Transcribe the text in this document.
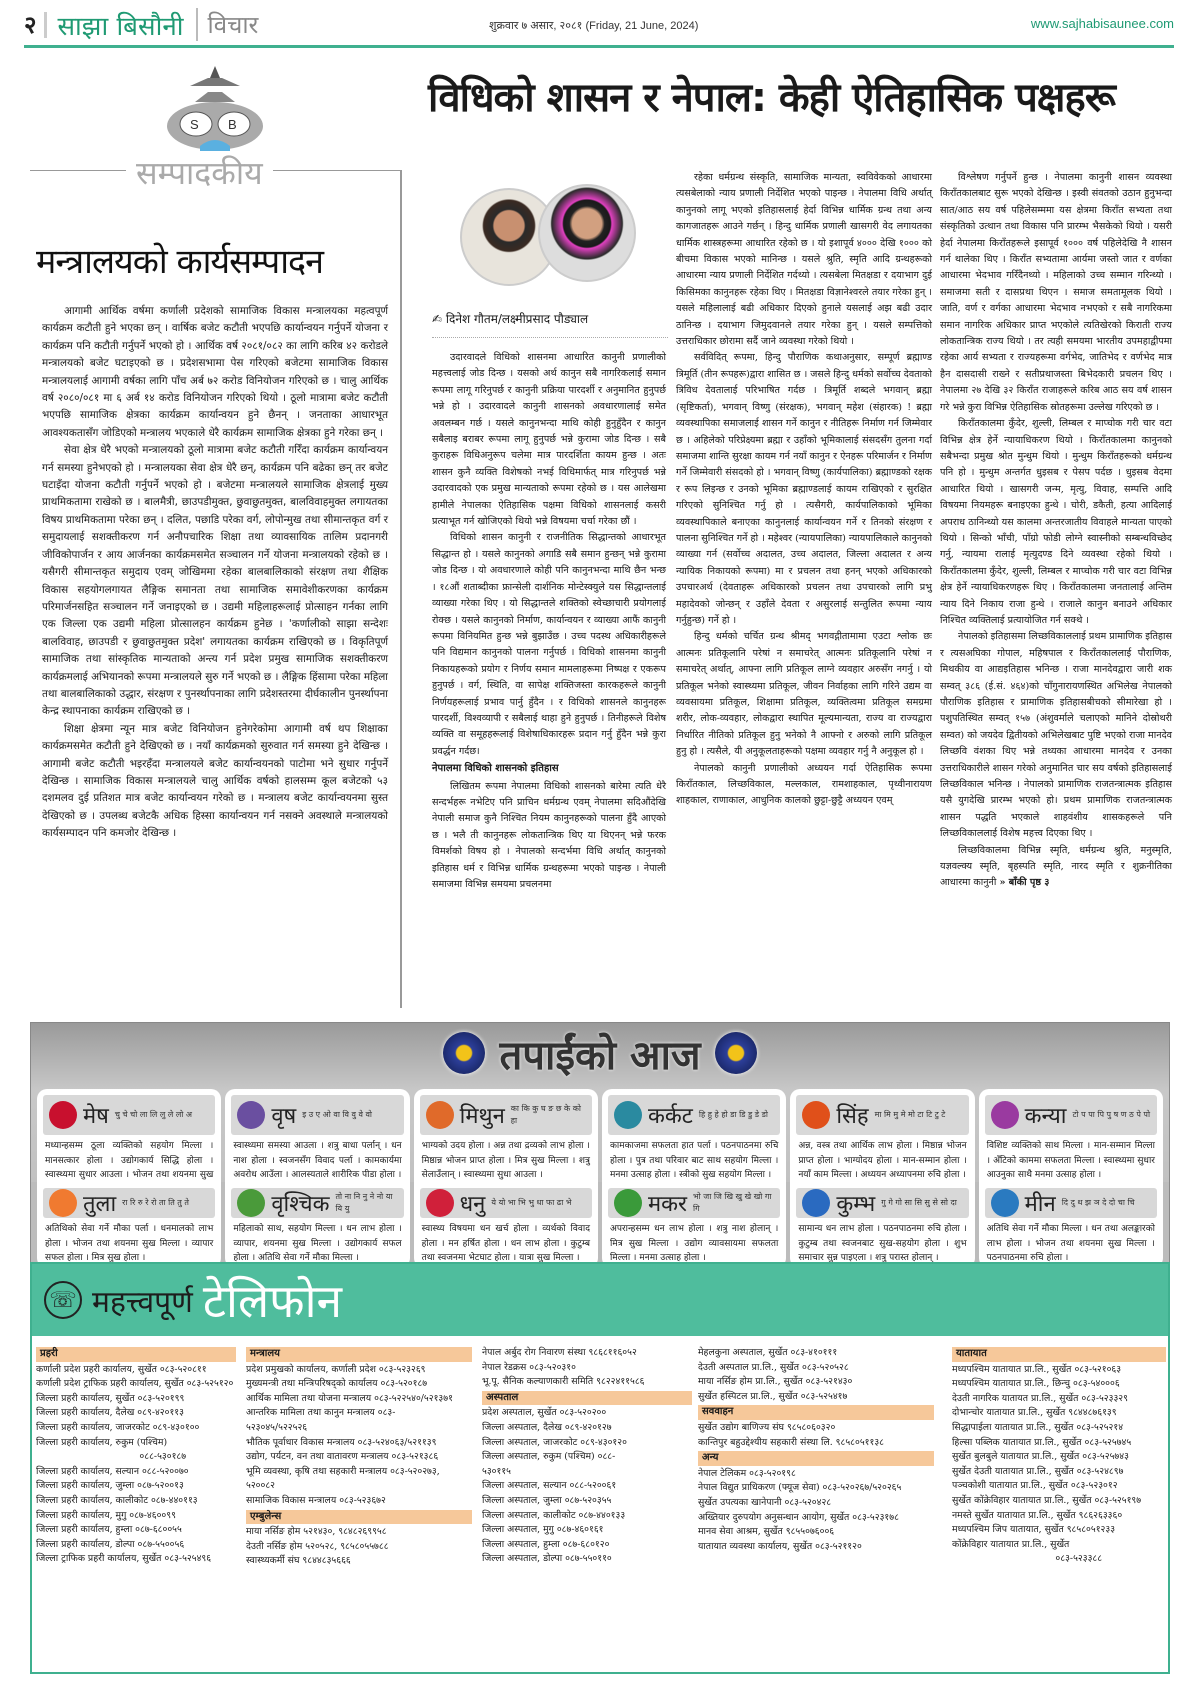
२ साझा बिसौनी	विचार	शुक्रवार ७ असार, २०८१ (Friday, 21 June, 2024)	www.sajhabisaunee.com
S B
सम्पादकीय
मन्त्रालयको कार्यसम्पादन

आगामी आर्थिक वर्षमा कर्णाली प्रदेशको सामाजिक विकास मन्त्रालयका महत्वपूर्ण कार्यक्रम कटौती हुने भएका छन् । वार्षिक बजेट कटौती भएपछि कार्यान्वयन गर्नुपर्ने योजना र कार्यक्रम पनि कटौती गर्नुपर्ने भएको हो । आर्थिक वर्ष २०८१/०८२ का लागि करिब ४२ करोडले मन्त्रालयको बजेट घटाइएको छ । प्रदेशसभामा पेस गरिएको बजेटमा सामाजिक विकास मन्त्रालयलाई आगामी वर्षका लागि पाँच अर्ब ७२ करोड विनियोजन गरिएको छ । चालु आर्थिक वर्ष २०८०/०८१ मा ६ अर्ब १४ करोड विनियोजन गरिएको थियो । ठूलो मात्रामा बजेट कटौती भएपछि सामाजिक क्षेत्रका कार्यक्रम कार्यान्वयन हुने छैनन् । जनताका आधारभूत आवश्यकतासँग जोडिएको मन्त्रालय भएकाले धेरै कार्यक्रम सामाजिक क्षेत्रका हुने गरेका छन् ।

सेवा क्षेत्र धेरै भएको मन्त्रालयको ठूलो मात्रामा बजेट कटौती गरिँदा कार्यक्रम कार्यान्वयन गर्न समस्या हुनेभएको हो । मन्त्रालयका सेवा क्षेत्र धेरै छन्, कार्यक्रम पनि बढेका छन् तर बजेट घटाइँदा योजना कटौती गर्नुपर्ने भएको हो । बजेटमा मन्त्रालयले सामाजिक क्षेत्रलाई मुख्य प्राथमिकतामा राखेको छ । बालमैत्री, छाउपडीमुक्त, छुवाछुतमुक्त, बालविवाहमुक्त लगायतका विषय प्राथमिकतामा परेका छन् । दलित, पछाडि परेका वर्ग, लोपोन्मुख तथा सीमान्तकृत वर्ग र समुदायलाई सशक्तीकरण गर्न अनौपचारिक शिक्षा तथा व्यावसायिक तालिम प्रदानगरी जीविकोपार्जन र आय आर्जनका कार्यक्रमसमेत सञ्चालन गर्ने योजना मन्त्रालयको रहेको छ । यसैगरी सीमान्तकृत समुदाय एवम् जोखिममा रहेका बालबालिकाको संरक्षण तथा शैक्षिक विकास सहयोगलगायत लैङ्गिक समानता तथा सामाजिक समावेशीकरणका कार्यक्रम परिमार्जनसहित सञ्चालन गर्ने जनाइएको छ । उद्यमी महिलाहरूलाई प्रोत्साहन गर्नका लागि एक जिल्ला एक उद्यमी महिला प्रोत्सालहन कार्यक्रम हुनेछ । 'कर्णालीको साझा सन्देशः बालविवाह, छाउपडी र छुवाछुतमुक्त प्रदेश' लगायतका कार्यक्रम राखिएको छ । विकृतिपूर्ण सामाजिक तथा सांस्कृतिक मान्यताको अन्त्य गर्न प्रदेश प्रमुख सामाजिक सशक्तीकरण कार्यक्रमलाई अभियानको रूपमा मन्त्रालयले सुरु गर्ने भएको छ । लैङ्गिक हिंसामा परेका महिला तथा बालबालिकाको उद्धार, संरक्षण र पुनर्स्थापनाका लागि प्रदेशस्तरमा दीर्घकालीन पुनर्स्थापना केन्द्र स्थापनाका कार्यक्रम राखिएको छ ।

शिक्षा क्षेत्रमा न्यून मात्र बजेट विनियोजन हुनेगरेकोमा आगामी वर्ष थप शिक्षाका कार्यक्रमसमेत कटौती हुने देखिएको छ । नयाँ कार्यक्रमको सुरुवात गर्न समस्या हुने देखिन्छ । आगामी बजेट कटौती भइरहँदा मन्त्रालयले बजेट कार्यान्वयनको पाटोमा भने सुधार गर्नुपर्ने देखिन्छ । सामाजिक विकास मन्त्रालयले चालु आर्थिक वर्षको हालसम्म कूल बजेटको ५३ दशमलव दुई प्रतिशत मात्र बजेट कार्यान्वयन गरेको छ । मन्त्रालय बजेट कार्यान्वयनमा सुस्त देखिएको छ । उपलब्ध बजेटकै अधिक हिस्सा कार्यान्वयन गर्न नसक्ने अवस्थाले मन्त्रालयको कार्यसम्पादन पनि कमजोर देखिन्छ ।

विधिको शासन र नेपाल: केही ऐतिहासिक पक्षहरू
✍ दिनेश गौतम/लक्ष्मीप्रसाद पौड्याल

उदारवादले विधिको शासनमा आधारित कानुनी प्रणालीको महत्त्वलाई जोड दिन्छ । यसको अर्थ कानुन सबै नागरिकलाई समान रूपमा लागू गरिनुपर्छ र कानुनी प्रक्रिया पारदर्शी र अनुमानित हुनुपर्छ भन्ने हो । उदारवादले कानुनी शासनको अवधारणालाई समेत अवलम्बन गर्छ । यसले कानुनभन्दा माथि कोही हुनुहुँदैन र कानुन सबैलाइ बराबर रूपमा लागू हुनुपर्छ भन्ने कुरामा जोड दिन्छ । सबै कुराहरू विधिअनुरूप चलेमा मात्र पारदर्शिता कायम हुन्छ । अतः शासन कुनै व्यक्ति विशेषको नभई विधिमार्फत् मात्र गरिनुपर्छ भन्ने उदारवादको एक प्रमुख मान्यताको रूपमा रहेको छ । यस आलेखमा हामीले नेपालका ऐतिहासिक पक्षमा विधिको शासनलाई कसरी प्रत्याभूत गर्न खोजिएको थियो भन्ने विषयमा चर्चा गरेका छौं ।

विधिको शासन कानुनी र राजनीतिक सिद्धान्तको आधारभूत सिद्धान्त हो । यसले कानुनको अगाडि सबै समान हुन्छन् भन्ने कुरामा जोड दिन्छ । यो अवधारणाले कोही पनि कानुनभन्दा माथि छैन भन्छ । १८औं शताब्दीका फ्रान्सेली दार्शनिक मोन्टेस्क्युले यस सिद्धान्तलाई व्याख्या गरेका थिए । यो सिद्धान्तले शक्तिको स्वेच्छाचारी प्रयोगलाई रोक्छ । यसले कानुनको निर्माण, कार्यान्वयन र व्याख्या आफैं कानुनी रूपमा विनियमित हुन्छ भन्ने बुझाउँछ । उच्च पदस्थ अधिकारीहरूले पनि विद्यमान कानुनको पालना गर्नुपर्छ । विधिको शासनमा कानुनी निकायहरूको प्रयोग र निर्णय समान मामलाहरूमा निष्पक्ष र एकरूप हुनुपर्छ । वर्ग, स्थिति, वा सापेक्ष शक्तिजस्ता कारकहरूले कानुनी निर्णयहरूलाई प्रभाव पार्नु हुँदैन । र विधिको शासनले कानुनहरू पारदर्शी, विश्वव्यापी र सबैलाई थाहा हुने हुनुपर्छ । तिनीहरूले विशेष व्यक्ति वा समूहहरूलाई विशेषाधिकारहरू प्रदान गर्नु हुँदैन भन्ने कुरा प्रवर्द्धन गर्दछ।

नेपालमा विधिको शासनको इतिहास

लिखितम रूपमा नेपालमा विधिको शासनको बारेमा त्यति धेरै सन्दर्भहरू नभेटिए पनि प्राचिन धर्मग्रन्थ एवम् नेपालमा सदिऔंदेखि नेपाली समाज कुनै निश्चित नियम कानुनहरूको पालना हुँदै आएको छ । भलै ती कानुनहरू लोकतान्त्रिक थिए या थिएनन् भन्ने फरक विमर्शको विषय हो । नेपालको सन्दर्भमा विधि अर्थात् कानुनको इतिहास धर्म र विभिन्न धार्मिक ग्रन्थहरूमा भएको पाइन्छ । नेपाली समाजमा विभिन्न समयमा प्रचलनमा

रहेका धर्मग्रन्थ संस्कृति, सामाजिक मान्यता, स्वविवेकको आधारमा त्यसबेलाको न्याय प्रणाली निर्देशित भएको पाइन्छ । नेपालमा विधि अर्थात् कानुनको लागू भएको इतिहासलाई हेर्दा विभिन्न धार्मिक ग्रन्थ तथा अन्य कागजातहरू आउने गर्छन् । हिन्दु धार्मिक प्रणाली खासगरी वेद लगायतका धार्मिक शास्त्रहरूमा आधारित रहेको छ । यो इशापूर्व ४००० देखि १००० को बीचमा विकास भएको मानिन्छ । यसले श्रुति, स्मृति आदि ग्रन्थहरूको आधारमा न्याय प्रणाली निर्देशित गर्दथ्यो । त्यसबेला मितक्षडा र दयाभाग दुई किसिमका कानुनहरू रहेका थिए । मितक्षडा विज्ञानेश्वरले तयार गरेका हुन् । यसले महिलालाई बढी अधिकार दिएको हुनाले यसलाई अझ बढी उदार ठानिन्छ । दयाभाग जिमुदवानले तयार गरेका हुन् । यसले सम्पत्तिको उत्तराधिकार छोरामा सर्दै जाने व्यवस्था गरेको थियो ।

सर्वविदित् रूपमा, हिन्दु पौराणिक कथाअनुसार, सम्पूर्ण ब्रह्माण्ड त्रिमूर्ति (तीन रूपहरू)द्वारा शासित छ । जसले हिन्दु धर्मको सर्वोच्च देवताको त्रिविध देवतालाई परिभाषित गर्दछ । त्रिमूर्ति शब्दले भगवान् ब्रह्मा (सृष्टिकर्ता), भगवान् विष्णु (संरक्षक), भगवान् महेश (संहारक) ! ब्रह्मा व्यवस्थापिका समाजलाई शासन गर्ने कानुन र नीतिहरू निर्माण गर्न जिम्मेवार छ । अहिलेको परिप्रेक्ष्यमा ब्रह्मा र उहाँको भूमिकालाई संसदसँग तुलना गर्दा समाजमा शान्ति सुरक्षा कायम गर्न नयाँ कानुन र ऐनहरू परिमार्जन र निर्माण गर्ने जिम्मेवारी संसदको हो । भगवान् विष्णु (कार्यपालिका) ब्रह्माण्डको रक्षक र रूप लिइन्छ र उनको भूमिका ब्रह्माण्डलाई कायम राखिएको र सुरक्षित गरिएको सुनिश्चित गर्नु हो । त्यसैगरी, कार्यपालिकाको भूमिका व्यवस्थापिकाले बनाएका कानुनलाई कार्यान्वयन गर्ने र तिनको संरक्षण र पालना सुनिश्चित गर्ने हो । महेश्वर (न्यायपालिका) न्यायपालिकाले कानुनको व्याख्या गर्न (सर्वोच्च अदालत, उच्च अदालत, जिल्ला अदालत र अन्य न्यायिक निकायको रूपमा) मा र प्रचलन तथा हनन् भएको अधिकारको उपचारअर्थ (देवताहरू अधिकारको प्रचलन तथा उपचारको लागि प्रभु महादेवको जोन्छन् र उहाँले देवता र असुरलाई सन्तुलित रूपमा न्याय गर्नुहुन्छ) गर्ने हो ।

हिन्दु धर्मको चर्चित ग्रन्थ श्रीमद् भगवद्गीतामामा एउटा श्लोक छः आत्मनः प्रतिकूलानि परेषां न समाचरेत् आत्मनः प्रतिकूलानि परेषां न समाचरेत् अर्थात्, आफ्ना लागि प्रतिकूल लाग्ने व्यवहार अरुसँग नगर्नु । यो प्रतिकूल भनेको स्वास्थ्यमा प्रतिकूल, जीवन निर्वाहका लागि गरिने उद्यम वा व्यवसायमा प्रतिकूल, शिक्षामा प्रतिकूल, व्यक्तित्वमा प्रतिकूल समग्रमा शरीर, लोक-व्यवहार, लोकद्वारा स्थापित मूल्यमान्यता, राज्य वा राज्यद्वारा निर्धारित नीतिको प्रतिकूल हुनु भनेको नै आफ्नो र अरुको लागि प्रतिकूल हुनु हो । त्यसैले, यी अनुकूलताहरूको पक्षमा व्यवहार गर्नु नै अनुकूल हो ।

नेपालको कानुनी प्रणालीको अध्ययन गर्दा ऐतिहासिक रूपमा किराँतकाल, लिच्छविकाल, मल्लकाल, रामशाहकाल, पृथ्वीनारायण शाहकाल, राणाकाल, आधुनिक कालको छुट्टा-छुट्टै अध्ययन एवम्

विश्लेषण गर्नुपर्ने हुन्छ । नेपालमा कानुनी शासन व्यवस्था किराँतकालबाट सुरू भएको देखिन्छ । इस्वी संवतको उठान हुनुभन्दा सात/आठ सय वर्ष पहिलेसम्ममा यस क्षेत्रमा किराँत सभ्यता तथा संस्कृतिको उत्थान तथा विकास पनि प्रारम्भ भैसकेको थियो । यसरी हेर्दा नेपालमा किराँतहरूले इसापूर्व १००० वर्ष पहिलेदेखि नै शासन गर्न थालेका थिए । किराँत सभ्यतामा आर्यमा जस्तो जात र वर्णका आधारमा भेदभाव गरिँदैनथ्यो । महिलाको उच्च सम्मान गरिन्थ्यो । समाजमा सती र दासप्रथा थिएन । समाज समतामूलक थियो । जाति, वर्ण र वर्गका आधारमा भेदभाव नभएको र सबै नागरिकमा समान नागरिक अधिकार प्राप्त भएकोले त्यतिखेरको किराती राज्य लोकतान्त्रिक राज्य थियो । तर त्यही समयमा भारतीय उपमहाद्वीपमा रहेका आर्य सभ्यता र राज्यहरूमा वर्गभेद, जातिभेद र वर्णभेद मात्र हैन दासदासी राख्ने र सतीप्रथाजस्ता बिभेदकारी प्रचलन थिए । नेपालमा २७ देखि ३२ किराँत राजाहरूले करिब आठ सय वर्ष शासन गरे भन्ने कुरा विभिन्न ऐतिहासिक स्रोतहरूमा उल्लेख गरिएको छ ।

किराँतकालमा कुँदेर, शुल्ली, लिम्बल र माप्चोक गरी चार वटा विभिन्न क्षेत्र हेर्ने न्यायाधिकरण थियो । किराँतकालमा कानुनको सबैभन्दा प्रमुख श्रोत मुन्धुम थियो । मुन्धुम किराँतहरूको धर्मग्रन्थ पनि हो । मुन्धुम अन्तर्गत धुइसब र पेसप पर्दछ । धुइसब वेदमा आधारित थियो । खासगरी जन्म, मृत्यु, विवाह, सम्पत्ति आदि विषयमा नियमहरू बनाइएका हुन्थे । चोरी, डकैती, हत्या आदिलाई अपराध ठानिन्थ्यो यस कालमा अन्तरजातीय विवाहले मान्यता पाएको थियो । सिन्को भाँची, पाँग्रो फोडी लोग्ने स्वास्नीको सम्बन्धविच्छेद गर्नु, न्यायमा रालाई मृत्युदण्ड दिने व्यवस्था रहेको थियो । किराँतकालमा कुँदेर, शुल्ली, लिम्बल र माप्चोक गरी चार वटा विभिन्न क्षेत्र हेर्ने न्यायाधिकरणहरू थिए । किराँतकालमा जनतालाई अन्तिम न्याय दिने निकाय राजा हुन्थे । राजाले कानुन बनाउने अधिकार निश्चित व्यक्तिलाई प्रत्यायोजित गर्न सक्थे ।

नेपालको इतिहासमा लिच्छविकाललाई प्रथम प्रामाणिक इतिहास र त्यसअघिका गोपाल, महिषपाल र किराँतकाललाई पौराणिक, मिथकीय वा आद्यइतिहास भनिन्छ । राजा मानदेवद्वारा जारी शक सम्वत् ३८६ (ई.सं. ४६४)को चाँगुनारायणस्थित अभिलेख नेपालको पौराणिक इतिहास र प्रामाणिक इतिहासबीचको सीमारेखा हो । पशुपतिस्थित सम्वत् १५७ (अंशुवर्माले चलाएको मानिने दोस्रोथरी सम्वत) को जयदेव द्वितीयको अभिलेखबाट पुष्टि भएको राजा मानदेव लिच्छवि वंशका थिए भन्ने तथ्यका आधारमा मानदेव र उनका उत्तराधिकारीले शासन गरेको अनुमानित चार सय वर्षको इतिहासलाई लिच्छविकाल भनिन्छ । नेपालको प्रामाणिक राजतन्त्रात्मक इतिहास यसै युगदेखि प्रारम्भ भएको हो। प्रथम प्रामाणिक राजतन्त्रात्मक शासन पद्धति भएकाले शाहवंशीय शासकहरूले पनि लिच्छविकाललाई विशेष महत्त्व दिएका थिए ।

लिच्छविकालमा विभिन्न स्मृति, धर्मग्रन्थ श्रुति, मनुस्मृति, यज्ञवल्क्य स्मृति, बृहस्पति स्मृति, नारद स्मृति र शुक्रनीतिका आधारमा कानुनी » बाँकी पृष्ठ ३

तपाईंको आज
मेष चु चे चो ला लि लु ले लो अ
मध्यान्हसम्म ठूला व्यक्तिको सहयोग मिल्ला । मानसत्कार होला । उद्योगकार्य सिद्धि होला । स्वास्थ्यमा सुधार आउला । भोजन तथा शयनमा सुख
वृष इ उ ए ओ वा वि वु वे वो
स्वास्थ्यमा समस्या आउला । शत्रु बाधा पर्लान् । धन नाश होला । स्वजनसँग विवाद पर्ला । कामकार्यमा अवरोध आउँला । आलस्यताले शारीरिक पीडा होला ।
मिथुन का कि कु घ ङ छ के को हा
भाग्यको उदय होला । अन्न तथा द्रव्यको लाभ होला । मिष्ठान्न भोजन प्राप्त होला । मित्र सुख मिल्ला । शत्रु सेलाउँलान् । स्वास्थ्यमा सुधा आउला ।
कर्कट हि हु हे हो डा डि डु डे डो
कामकाजमा सफलता हात पर्ला । पठनपाठनमा रुचि होला । पुत्र तथा परिवार बाट साथ सहयोग मिल्ला । मनमा उत्साह होला । स्त्रीको सुख सहयोग मिल्ला ।
सिंह मा मि मु मे मो टा टि टु टे
अन्न, वस्त्र तथा आर्थिक लाभ होला । मिष्ठान्न भोजन प्राप्त होला । भाग्योदय होला । मान-सम्मान होला । नयाँ काम मिल्ला । अध्ययन अध्यापनमा रुचि होला ।
कन्या टो प पा पि पु ष ण ठ पे पो
विशिष्ट व्यक्तिको साथ मिल्ला । मान-सम्मान मिल्ला । अँटिको काममा सफलता मिल्ला । स्वास्थ्यमा सुधार आउनुका साथै मनमा उत्साह होला ।
तुला रा रि रु रे रो ता ति तु ते
अतिथिको सेवा गर्ने मौका पर्ला । धनमालको लाभ होला । भोजन तथा शयनमा सुख मिल्ला । व्यापार सफल होला । मित्र सुख होला ।
वृश्चिक तो ना नि नु ने नो या यि यु
महिलाको साथ, सहयोग मिल्ला । धन लाभ होला । व्यापार, शयनमा सुख मिल्ला । उद्योगकार्य सफल होला । अतिथि सेवा गर्ने मौका मिल्ला ।
धनु ये यो भा भि भु धा फा ढा भे
स्वास्थ्य विषयमा धन खर्च होला । व्यर्थको विवाद होला । मन हर्षित होला । धन लाभ होला । कुटुम्ब तथा स्वजनमा भेटघाट होला । यात्रा सुख मिल्ला ।
मकर भो जा जि खि खु खे खो गा गि
अपरान्हसम्म धन लाभ होला । शत्रु नाश होलान् । मित्र सुख मिल्ला । उद्योग व्यावसायमा सफलता मिल्ला । मनमा उत्साह होला ।
कुम्भ गु गे गो सा सि सु से सो दा
सामान्य धन लाभ होला । पठनपाठनमा रुचि होला । कुटुम्ब तथा स्वजनबाट सुख-सहयोग होला । शुभ समाचार सुन्न पाइएला । शत्रु परास्त होलान् ।
मीन दि दु थ झ ञ दे दो चा चि
अतिथि सेवा गर्ने मौका मिल्ला । धन तथा अलङ्कारको लाभ होला । भोजन तथा शयनमा सुख मिल्ला । पठनपाठनमा रुचि होला ।
☏ महत्त्वपूर्ण टेलिफोन
प्रहरी
कर्णाली प्रदेश प्रहरी कार्यालय, सुर्खेत ०८३-५२०८११
कर्णाली प्रदेश ट्राफिक प्रहरी कार्यालय, सुर्खेत ०८३-५२५१२०
जिल्ला प्रहरी कार्यालय, सुर्खेत ०८३-५२०१९९
जिल्ला प्रहरी कार्यालय, दैलेख ०८९-४२०११३
जिल्ला प्रहरी कार्यालय, जाजरकोट ०८९-४३०१००
जिल्ला प्रहरी कार्यालय, रुकुम (पश्चिम)
०८८-५३०१८७
जिल्ला प्रहरी कार्यालय, सल्यान ०८८-५२००७०
जिल्ला प्रहरी कार्यालय, जुम्ला ०८७-५२००१३
जिल्ला प्रहरी कार्यालय, कालीकोट ०८७-४४०११३
जिल्ला प्रहरी कार्यालय, मुगु ०८७-४६००९९
जिल्ला प्रहरी कार्यालय, हुम्ला ०८७-६८००५५
जिल्ला प्रहरी कार्यालय, डोल्पा ०८७-५५००५६
जिल्ला ट्राफिक प्रहरी कार्यालय, सुर्खेत ०८३-५२५४९६
मन्त्रालय
प्रदेश प्रमुखको कार्यालय, कर्णाली प्रदेश ०८३-५२३२६९
मुख्यमन्त्री तथा मन्त्रिपरिषद्को कार्यालय ०८३-५२०१८७
आर्थिक मामिला तथा योजना मन्त्रालय ०८३-५२२५४०/५२१३७१
आन्तरिक मामिला तथा कानुन मन्त्रालय ०८३-
५२३०४५/५२२५२६
भौतिक पूर्वाधार विकास मन्त्रालय ०८३-५२४०६३/५२११३९
उद्योग, पर्यटन, वन तथा वातावरण मन्त्रालय ०८३-५२१३८६
भूमि व्यवस्था, कृषि तथा सहकारी मन्त्रालय ०८३-५२०२७३,
५२००८२
सामाजिक विकास मन्त्रालय ०८३-५२३६७२
एम्बुलेन्स
माया नर्सिङ होम ५२१४३०, ९८४८२६९९५८
देउती नर्सिङ होम ५२०५२८, ९८५८०५५७८८
स्वास्थ्यकर्मी संघ ९८४४८३५६६६
नेपाल अर्बुद रोग निवारण संस्था ९८६८११६०५२
नेपाल रेडक्रस ०८३-५२०३१०
भू.पू. सैनिक कल्याणकारी समिति ९८२२४११५८६
अस्पताल
प्रदेश अस्पताल, सुर्खेत ०८३-५२०२००
जिल्ला अस्पताल, दैलेख ०८९-४२०१२७
जिल्ला अस्पताल, जाजरकोट ०८९-४३०१२०
जिल्ला अस्पताल, रुकुम (पश्चिम) ०८८-
५३०११५
जिल्ला अस्पताल, सल्यान ०८८-५२००६१
जिल्ला अस्पताल, जुम्ला ०८७-५२०३५५
जिल्ला अस्पताल, कालीकोट ०८७-४४०१३३
जिल्ला अस्पताल, मुगु ०८७-४६०१६१
जिल्ला अस्पताल, हुम्ला ०८७-६८०१२०
जिल्ला अस्पताल, डोल्पा ०८७-५५०११०
मेहलकुना अस्पताल, सुर्खेत ०८३-४१०१११
देउती अस्पताल प्रा.लि., सुर्खेत ०८३-५२०५२८
माया नर्सिङ होम प्रा.लि., सुर्खेत ०८३-५२१४३०
सुर्खेत हस्पिटल प्रा.लि., सुर्खेत ०८३-५२५४१७
सववाहन
सुर्खेत उद्योग बाणिज्य संघ ९८५८०६०३२०
कान्तिपुर बहुउद्देश्यीय सहकारी संस्था लि. ९८५८०५११३८
अन्य
नेपाल टेलिकम ०८३-५२०१९८
नेपाल विद्युत प्राधिकरण (फ्यूज सेवा) ०८३-५२०२६७/५२०२६५
सुर्खेत उपत्यका खानेपानी ०८३-५२०४२८
अख्तियार दुरुपयोग अनुसन्धान आयोग, सुर्खेत ०८३-५२३१७८
मानव सेवा आश्रम, सुर्खेत ९८५५०७६००६
यातायात व्यवस्था कार्यालय, सुर्खेत ०८३-५२११२०
यातायात
मध्यपश्चिम यातायात प्रा.लि., सुर्खेत ०८३-५२१०६३
मध्यपश्चिम यातायात प्रा.लि., छिन्चु ०८३-५४०००६
देउती नागरिक यातायत प्रा.लि., सुर्खेत ०८३-५२३३२९
दोभान्चोर यातायात प्रा.लि., सुर्खेत ९८४४८७६१३९
सिद्धापाईला यातायात प्रा.लि., सुर्खेत ०८३-५२५२१४
हिल्सा पब्लिक यातायात प्रा.लि., सुर्खेत ०८३-५२५७४५
सुर्खेत बुलबुले यातायात प्रा.लि., सुर्खेत ०८३-५२५७४३
सुर्खेत देउती यातायात प्रा.लि., सुर्खेत ०८३-५२४८९७
पञ्चकोशी यातायात प्रा.लि., सुर्खेत ०८३-५२३०१२
सुर्खेत कोंक्रेविहार यातायात प्रा.लि., सुर्खेत ०८३-५२५१९७
नमस्ते सुर्खेत यातायात प्रा.लि., सुर्खेत ९८६२६३३६०
मध्यपश्चिम जिप यातायात, सुर्खेत ९८५८०५१२३३
कोंक्रेविहार यातायात प्रा.लि., सुर्खेत
०८३-५२३३८८
